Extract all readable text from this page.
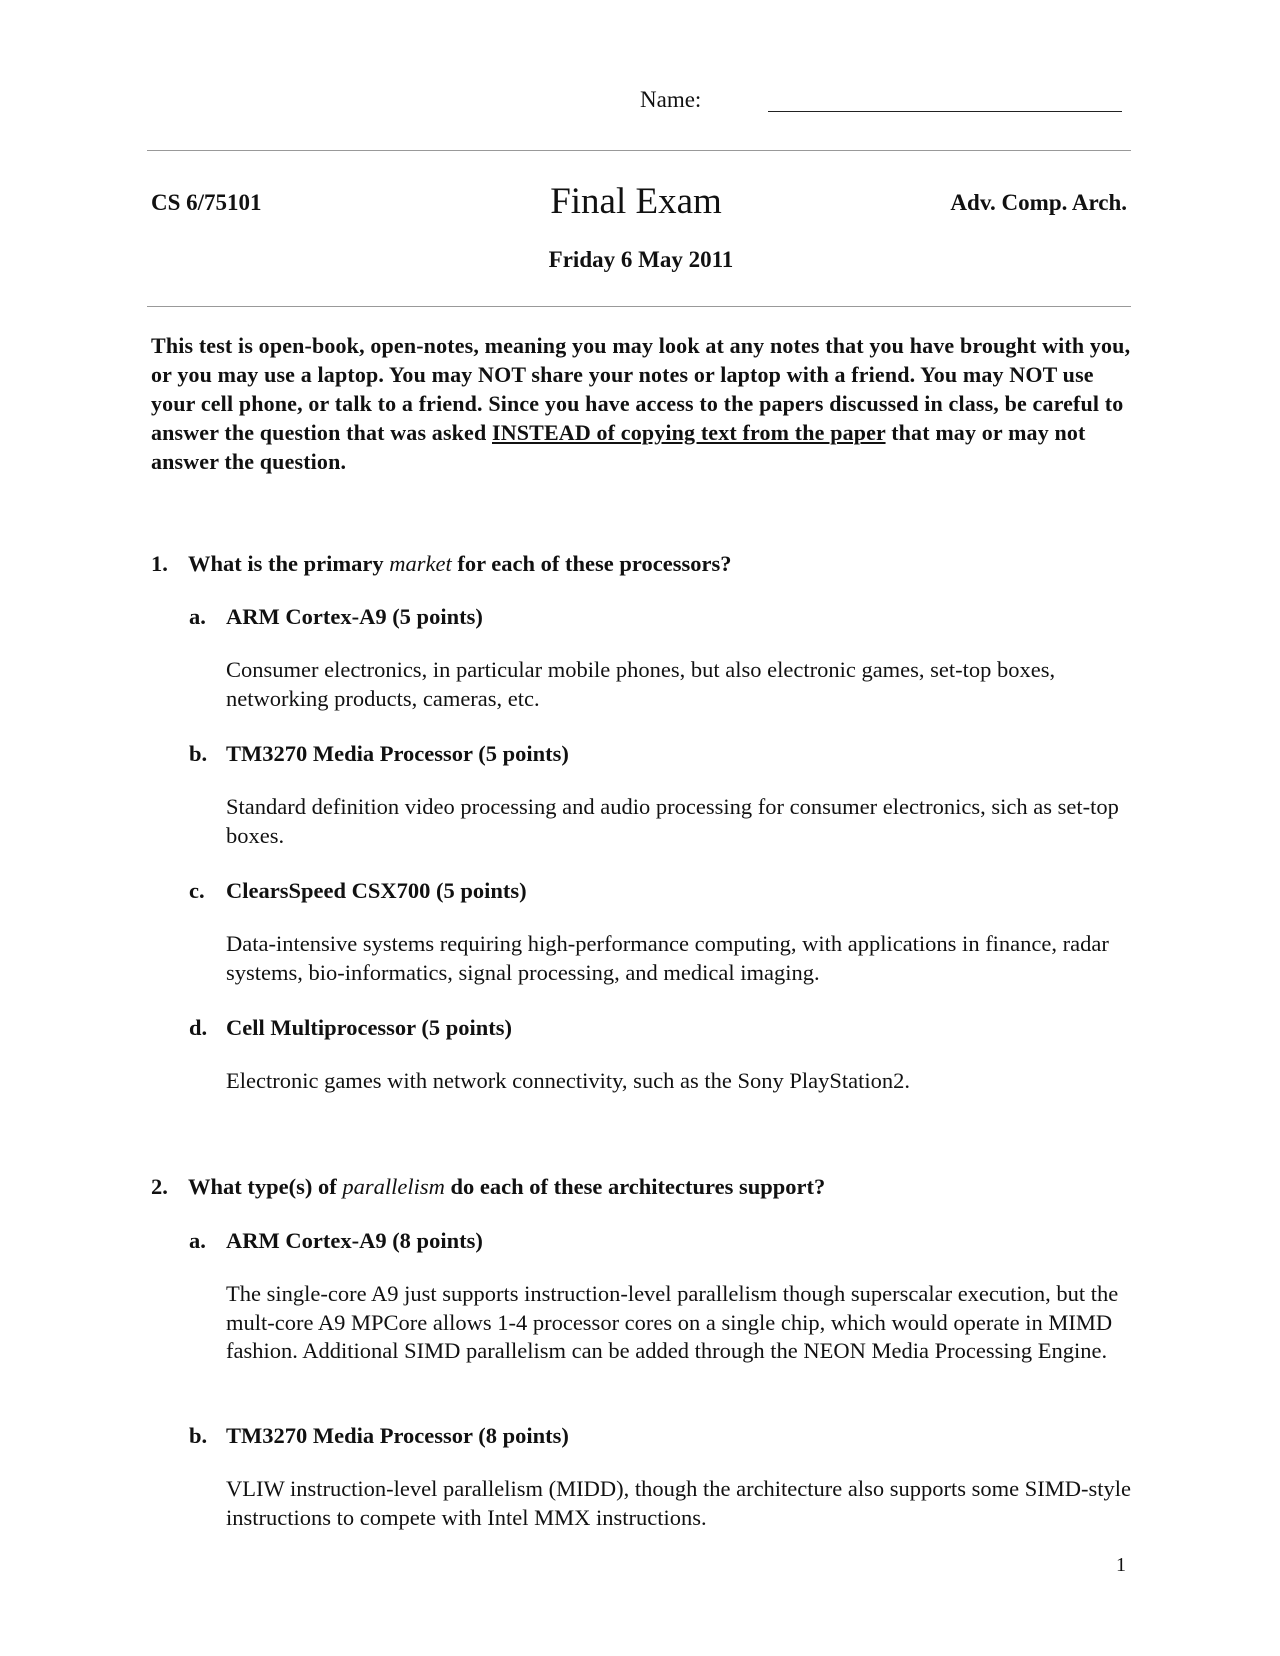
Name:
CS 6/75101	Final Exam	Adv. Comp. Arch.
Friday 6 May 2011
This test is open-book, open-notes, meaning you may look at any notes that you have brought with you, or you may use a laptop. You may NOT share your notes or laptop with a friend. You may NOT use your cell phone, or talk to a friend. Since you have access to the papers discussed in class, be careful to answer the question that was asked INSTEAD of copying text from the paper that may or may not answer the question.
1. What is the primary market for each of these processors?
a. ARM Cortex-A9 (5 points)
Consumer electronics, in particular mobile phones, but also electronic games, set-top boxes, networking products, cameras, etc.
b. TM3270 Media Processor (5 points)
Standard definition video processing and audio processing for consumer electronics, sich as set-top boxes.
c. ClearsSpeed CSX700 (5 points)
Data-intensive systems requiring high-performance computing, with applications in finance, radar systems, bio-informatics, signal processing, and medical imaging.
d. Cell Multiprocessor (5 points)
Electronic games with network connectivity, such as the Sony PlayStation2.
2. What type(s) of parallelism do each of these architectures support?
a. ARM Cortex-A9 (8 points)
The single-core A9 just supports instruction-level parallelism though superscalar execution, but the mult-core A9 MPCore allows 1-4 processor cores on a single chip, which would operate in MIMD fashion. Additional SIMD parallelism can be added through the NEON Media Processing Engine.
b. TM3270 Media Processor (8 points)
VLIW instruction-level parallelism (MIDD), though the architecture also supports some SIMD-style instructions to compete with Intel MMX instructions.
1
